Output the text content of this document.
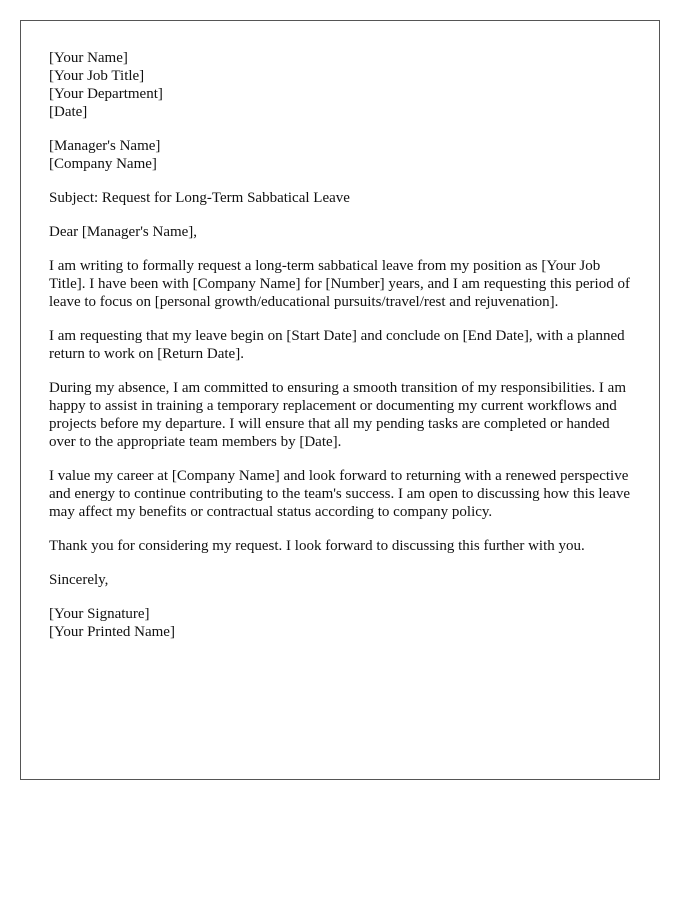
[Your Name]
[Your Job Title]
[Your Department]
[Date]
[Manager's Name]
[Company Name]

Subject: Request for Long-Term Sabbatical Leave

Dear [Manager's Name],

I am writing to formally request a long-term sabbatical leave from my position as [Your Job Title]. I have been with [Company Name] for [Number] years, and I am requesting this period of leave to focus on [personal growth/educational pursuits/travel/rest and rejuvenation].

I am requesting that my leave begin on [Start Date] and conclude on [End Date], with a planned return to work on [Return Date].

During my absence, I am committed to ensuring a smooth transition of my responsibilities. I am happy to assist in training a temporary replacement or documenting my current workflows and projects before my departure. I will ensure that all my pending tasks are completed or handed over to the appropriate team members by [Date].

I value my career at [Company Name] and look forward to returning with a renewed perspective and energy to continue contributing to the team's success. I am open to discussing how this leave may affect my benefits or contractual status according to company policy.

Thank you for considering my request. I look forward to discussing this further with you.

Sincerely,

[Your Signature]
[Your Printed Name]
